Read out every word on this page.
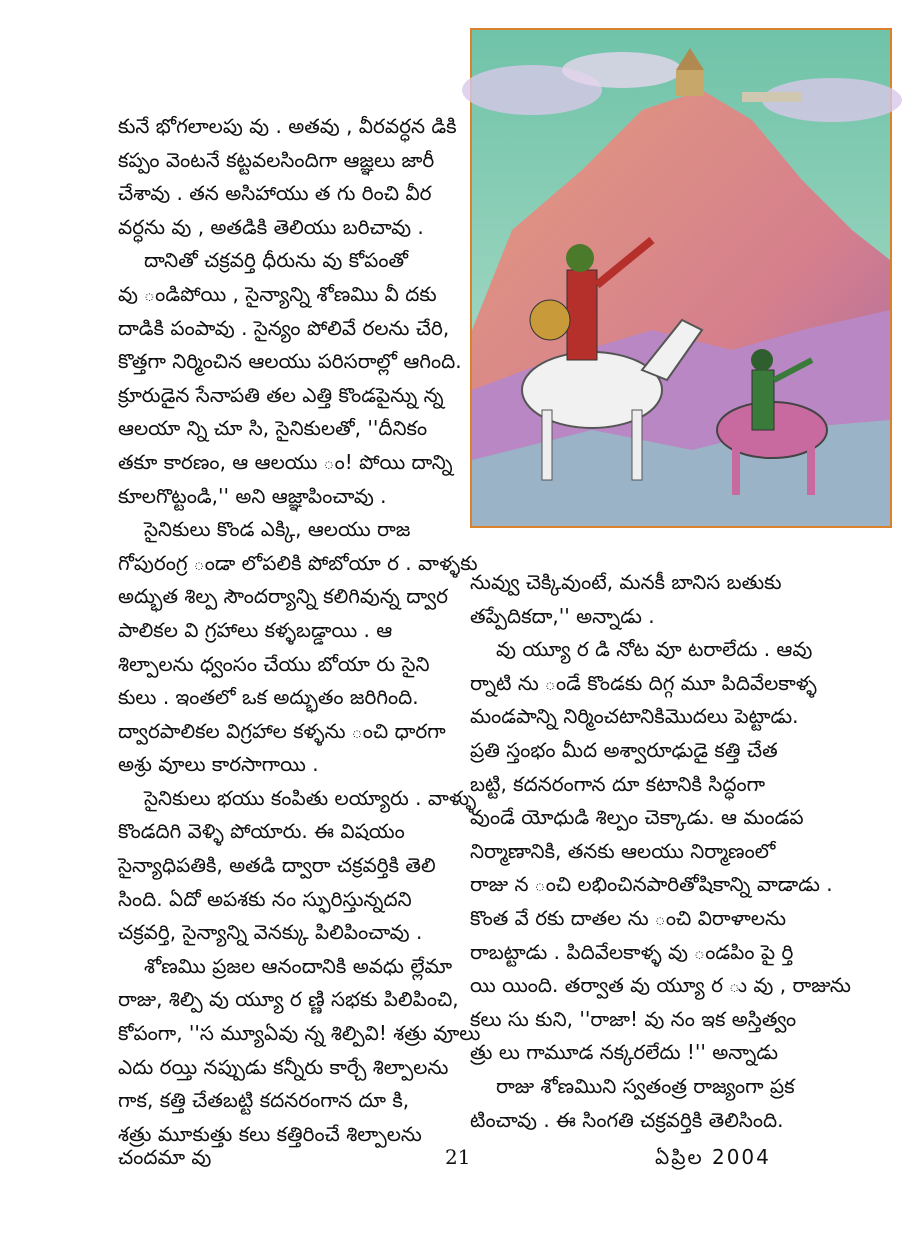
కునే భోగలాలపు వు . అతవు , వీరవర్ధన డికి
కప్పం వెంటనే కట్టవలసిందిగా ఆజ్ఞలు జారీ
చేశావు . తన అసిహాయు త గు రించి వీర
వర్ధను వు , అతడికి తెలియు బరిచావు .
దానితో చక్రవర్తి ధీరును వు కోపంతో
వు ండిపోయి , సైన్యాన్ని శోణమిు వీ దకు
దాడికి పంపావు . సైన్యం పోలివే రలను చేరి,
కొత్తగా నిర్మించిన ఆలయు పరిసరాల్లో ఆగింది.
క్రూరుడైన సేనాపతి తల ఎత్తి కొండపైన్ను న్న
ఆలయా న్ని చూ సి, సైనికులతో, ''దీనికం
తకూ కారణం, ఆ ఆలయు ం! పోయి దాన్ని
కూలగొట్టండి,'' అని ఆజ్ఞాపించావు .
సైనికులు కొండ ఎక్కి, ఆలయు రాజ
గోపురంగ్ర ండా లోపలికి పోబోయా ర . వాళ్ళకు
అద్భుత శిల్ప సౌందర్యాన్ని కలిగివున్న ద్వార
పాలికల వి గ్రహాలు కళ్ళబడ్డాయి . ఆ
శిల్పాలను ధ్వంసం చేయు బోయా రు సైని
కులు . ఇంతలో ఒక అద్భుతం జరిగింది.
ద్వారపాలికల విగ్రహాల కళ్ళను ంచి ధారగా
అశ్రు వూలు కారసాగాయి .
సైనికులు భయు కంపితు లయ్యారు . వాళ్ళు
కొండదిగి వెళ్ళి పోయారు. ఈ విషయం
సైన్యాధిపతికి, అతడి ద్వారా చక్రవర్తికి తెలి
సింది. ఏదో అపశకు నం స్ఫురిస్తున్నదని
చక్రవర్తి, సైన్యాన్ని వెనక్కు పిలిపించావు .
శోణమిు ప్రజల ఆనందానికి అవధు ల్లేమా
రాజు, శిల్పి వు య్యూ ర ణ్ణి సభకు పిలిపించి,
కోపంగా, ''స మ్యూఏవు న్న శిల్పివి! శత్రు వూలు
ఎదు రయ్తి నప్పుడు కన్నీరు కార్చే శిల్పాలను
గాక, కత్తి చేతబట్టి కదనరంగాన దూ కి,
శత్రు మూకుత్తు కలు కత్తిరించే శిల్పాలను
నువ్వు చెక్కివుంటే, మనకీ బానిస బతుకు
తప్పేదికదా,'' అన్నాడు .
వు య్యూ ర డి నోట వూ టరాలేదు . ఆవు
ర్నాటి ను ండే కొండకు దిగ్గ మూ పిదివేలకాళ్ళ
మండపాన్ని నిర్మించటానికిమొదలు పెట్టాడు.
ప్రతి స్తంభం మీద అశ్వారూఢుడై కత్తి చేత
బట్టి, కదనరంగాన దూ కటానికి సిద్ధంగా
వుండే యోధుడి శిల్పం చెక్కాడు. ఆ మండప
నిర్మాణానికి, తనకు ఆలయు నిర్మాణంలో
రాజు న ంచి లభించినపారితోషికాన్ని వాడాడు .
కొంత వే రకు దాతల ను ంచి విరాళాలను
రాబట్టాడు . పిదివేలకాళ్ళ వు ండపిం పై ర్తి
యి యింది. తర్వాత వు య్యూ ర ు వు , రాజును
కలు సు కుని, ''రాజా! వు నం ఇక అస్తిత్వం
త్రు లు గామూడ నక్కరలేదు !'' అన్నాడు
రాజు శోణమిుని స్వతంత్ర రాజ్యంగా ప్రక
టించావు . ఈ సింగతి చక్రవర్తికి తెలిసింది.
చందమా వు	21	ఏప్రిల 2004
